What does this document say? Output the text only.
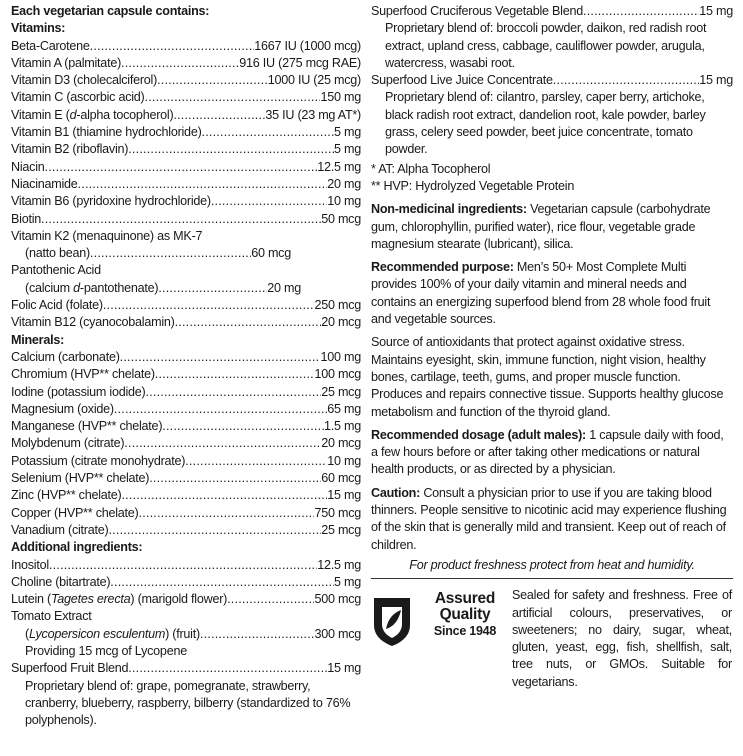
Each vegetarian capsule contains:
Vitamins:
Beta-Carotene .....	1667 IU (1000 mcg)
Vitamin A (palmitate) .....	916 IU (275 mcg RAE)
Vitamin D3 (cholecalciferol) .....	1000 IU (25 mcg)
Vitamin C (ascorbic acid) .....	150 mg
Vitamin E (d-alpha tocopherol) .....	35 IU (23 mg AT*)
Vitamin B1 (thiamine hydrochloride) .....	5 mg
Vitamin B2 (riboflavin) .....	5 mg
Niacin .....	12.5 mg
Niacinamide .....	20 mg
Vitamin B6 (pyridoxine hydrochloride) .....	10 mg
Biotin .....	50 mcg
Vitamin K2 (menaquinone) as MK-7
(natto bean) .....	60 mcg
Pantothenic Acid
(calcium d-pantothenate) .....	20 mg
Folic Acid (folate) .....	250 mcg
Vitamin B12 (cyanocobalamin) .....	20 mcg
Minerals:
Calcium (carbonate) .....	100 mg
Chromium (HVP** chelate) .....	100 mcg
Iodine (potassium iodide) .....	25 mcg
Magnesium (oxide) .....	65 mg
Manganese (HVP** chelate) .....	1.5 mg
Molybdenum (citrate) .....	20 mcg
Potassium (citrate monohydrate) .....	10 mg
Selenium (HVP** chelate) .....	60 mcg
Zinc (HVP** chelate) .....	15 mg
Copper (HVP** chelate) .....	750 mcg
Vanadium (citrate) .....	25 mcg
Additional ingredients:
Inositol .....	12.5 mg
Choline (bitartrate) .....	5 mg
Lutein (Tagetes erecta) (marigold flower) .....	500 mcg
Tomato Extract
(Lycopersicon esculentum) (fruit) .....	300 mcg
Providing 15 mcg of Lycopene
Superfood Fruit Blend .....	15 mg
Proprietary blend of: grape, pomegranate, strawberry, cranberry, blueberry, raspberry, bilberry (standardized to 76% polyphenols).
Superfood Cruciferous Vegetable Blend .....	15 mg
Proprietary blend of: broccoli powder, daikon, red radish root extract, upland cress, cabbage, cauliflower powder, arugula, watercress, wasabi root.
Superfood Live Juice Concentrate .....	15 mg
Proprietary blend of: cilantro, parsley, caper berry, artichoke, black radish root extract, dandelion root, kale powder, barley grass, celery seed powder, beet juice concentrate, tomato powder.
* AT: Alpha Tocopherol
** HVP: Hydrolyzed Vegetable Protein
Non-medicinal ingredients: Vegetarian capsule (carbohydrate gum, chlorophyllin, purified water), rice flour, vegetable grade magnesium stearate (lubricant), silica.
Recommended purpose: Men’s 50+ Most Complete Multi provides 100% of your daily vitamin and mineral needs and contains an energizing superfood blend from 28 whole food fruit and vegetable sources.
Source of antioxidants that protect against oxidative stress. Maintains eyesight, skin, immune function, night vision, healthy bones, cartilage, teeth, gums, and proper muscle function. Produces and repairs connective tissue. Supports healthy glucose metabolism and function of the thyroid gland.
Recommended dosage (adult males): 1 capsule daily with food, a few hours before or after taking other medications or natural health products, or as directed by a physician.
Caution: Consult a physician prior to use if you are taking blood thinners. People sensitive to nicotinic acid may experience flushing of the skin that is generally mild and transient. Keep out of reach of children.
For product freshness protect from heat and humidity.
Assured
Quality
Since 1948
Sealed for safety and freshness. Free of artificial colours, preservatives, or sweeteners; no dairy, sugar, wheat, gluten, yeast, egg, fish, shellfish, salt, tree nuts, or GMOs. Suitable for vegetarians.
